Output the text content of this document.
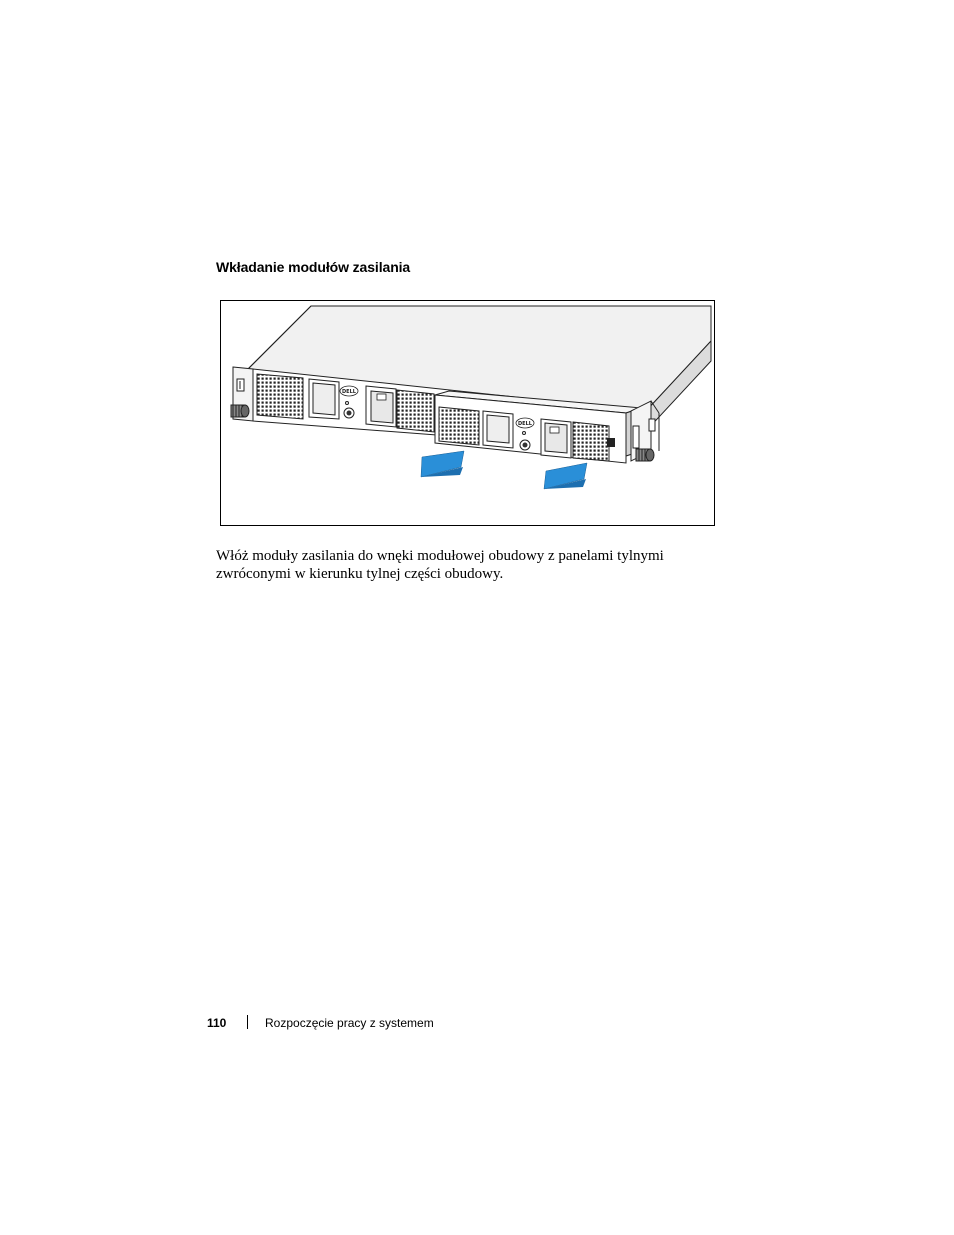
Wkładanie modułów zasilania
DELL
DELL
Włóż moduły zasilania do wnęki modułowej obudowy z panelami tylnymi zwróconymi w kierunku tylnej części obudowy.
110	Rozpoczęcie pracy z systemem
